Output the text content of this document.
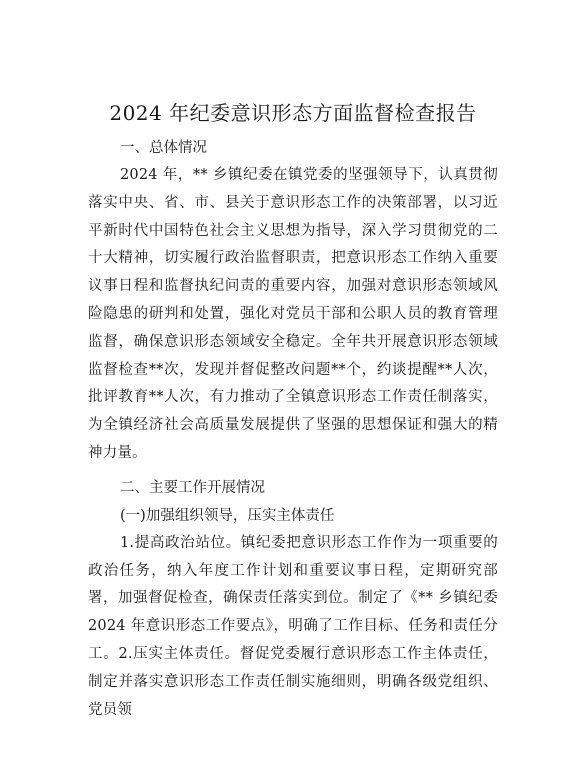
2024 年纪委意识形态方面监督检查报告
一、总体情况

2024 年，** 乡镇纪委在镇党委的坚强领导下，认真贯彻落实中央、省、市、县关于意识形态工作的决策部署，以习近平新时代中国特色社会主义思想为指导，深入学习贯彻党的二十大精神，切实履行政治监督职责，把意识形态工作纳入重要议事日程和监督执纪问责的重要内容，加强对意识形态领域风险隐患的研判和处置，强化对党员干部和公职人员的教育管理监督，确保意识形态领域安全稳定。全年共开展意识形态领域监督检查**次，发现并督促整改问题**个，约谈提醒**人次，批评教育**人次，有力推动了全镇意识形态工作责任制落实，为全镇经济社会高质量发展提供了坚强的思想保证和强大的精神力量。

二、主要工作开展情况
(一)加强组织领导，压实主体责任

1.提高政治站位。镇纪委把意识形态工作作为一项重要的政治任务，纳入年度工作计划和重要议事日程，定期研究部署，加强督促检查，确保责任落实到位。制定了《** 乡镇纪委 2024 年意识形态工作要点》，明确了工作目标、任务和责任分工。2.压实主体责任。督促党委履行意识形态工作主体责任，制定并落实意识形态工作责任制实施细则，明确各级党组织、党员领
